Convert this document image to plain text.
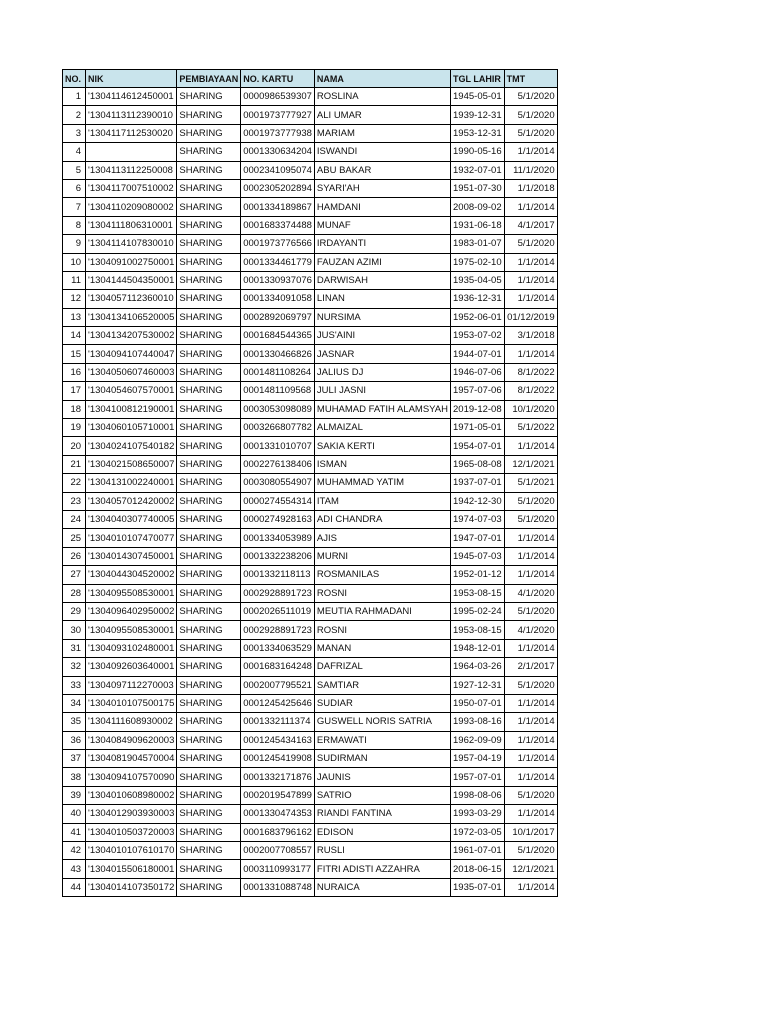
NO.	NIK	PEMBIAYAAN	NO. KARTU	NAMA	TGL LAHIR	TMT
1	'1304114612450001	SHARING	0000986539307	ROSLINA	1945-05-01	5/1/2020
2	'1304113112390010	SHARING	0001973777927	ALI UMAR	1939-12-31	5/1/2020
3	'1304117112530020	SHARING	0001973777938	MARIAM	1953-12-31	5/1/2020
4		SHARING	0001330634204	ISWANDI	1990-05-16	1/1/2014
5	'1304113112250008	SHARING	0002341095074	ABU BAKAR	1932-07-01	11/1/2020
6	'1304117007510002	SHARING	0002305202894	SYARI'AH	1951-07-30	1/1/2018
7	'1304110209080002	SHARING	0001334189867	HAMDANI	2008-09-02	1/1/2014
8	'1304111806310001	SHARING	0001683374488	MUNAF	1931-06-18	4/1/2017
9	'1304114107830010	SHARING	0001973776566	IRDAYANTI	1983-01-07	5/1/2020
10	'1304091002750001	SHARING	0001334461779	FAUZAN AZIMI	1975-02-10	1/1/2014
11	'1304144504350001	SHARING	0001330937076	DARWISAH	1935-04-05	1/1/2014
12	'1304057112360010	SHARING	0001334091058	LINAN	1936-12-31	1/1/2014
13	'1304134106520005	SHARING	0002892069797	NURSIMA	1952-06-01	01/12/2019
14	'1304134207530002	SHARING	0001684544365	JUS'AINI	1953-07-02	3/1/2018
15	'1304094107440047	SHARING	0001330466826	JASNAR	1944-07-01	1/1/2014
16	'1304050607460003	SHARING	0001481108264	JALIUS DJ	1946-07-06	8/1/2022
17	'1304054607570001	SHARING	0001481109568	JULI JASNI	1957-07-06	8/1/2022
18	'1304100812190001	SHARING	0003053098089	MUHAMAD FATIH ALAMSYAH	2019-12-08	10/1/2020
19	'1304060105710001	SHARING	0003266807782	ALMAIZAL	1971-05-01	5/1/2022
20	'1304024107540182	SHARING	0001331010707	SAKIA KERTI	1954-07-01	1/1/2014
21	'1304021508650007	SHARING	0002276138406	ISMAN	1965-08-08	12/1/2021
22	'1304131002240001	SHARING	0003080554907	MUHAMMAD YATIM	1937-07-01	5/1/2021
23	'1304057012420002	SHARING	0000274554314	ITAM	1942-12-30	5/1/2020
24	'1304040307740005	SHARING	0000274928163	ADI CHANDRA	1974-07-03	5/1/2020
25	'1304010107470077	SHARING	0001334053989	AJIS	1947-07-01	1/1/2014
26	'1304014307450001	SHARING	0001332238206	MURNI	1945-07-03	1/1/2014
27	'1304044304520002	SHARING	0001332118113	ROSMANILAS	1952-01-12	1/1/2014
28	'1304095508530001	SHARING	0002928891723	ROSNI	1953-08-15	4/1/2020
29	'1304096402950002	SHARING	0002026511019	MEUTIA RAHMADANI	1995-02-24	5/1/2020
30	'1304095508530001	SHARING	0002928891723	ROSNI	1953-08-15	4/1/2020
31	'1304093102480001	SHARING	0001334063529	MANAN	1948-12-01	1/1/2014
32	'1304092603640001	SHARING	0001683164248	DAFRIZAL	1964-03-26	2/1/2017
33	'1304097112270003	SHARING	0002007795521	SAMTIAR	1927-12-31	5/1/2020
34	'1304010107500175	SHARING	0001245425646	SUDIAR	1950-07-01	1/1/2014
35	'1304111608930002	SHARING	0001332111374	GUSWELL NORIS SATRIA	1993-08-16	1/1/2014
36	'1304084909620003	SHARING	0001245434163	ERMAWATI	1962-09-09	1/1/2014
37	'1304081904570004	SHARING	0001245419908	SUDIRMAN	1957-04-19	1/1/2014
38	'1304094107570090	SHARING	0001332171876	JAUNIS	1957-07-01	1/1/2014
39	'1304010608980002	SHARING	0002019547899	SATRIO	1998-08-06	5/1/2020
40	'1304012903930003	SHARING	0001330474353	RIANDI FANTINA	1993-03-29	1/1/2014
41	'1304010503720003	SHARING	0001683796162	EDISON	1972-03-05	10/1/2017
42	'1304010107610170	SHARING	0002007708557	RUSLI	1961-07-01	5/1/2020
43	'1304015506180001	SHARING	0003110993177	FITRI ADISTI AZZAHRA	2018-06-15	12/1/2021
44	'1304014107350172	SHARING	0001331088748	NURAICA	1935-07-01	1/1/2014
